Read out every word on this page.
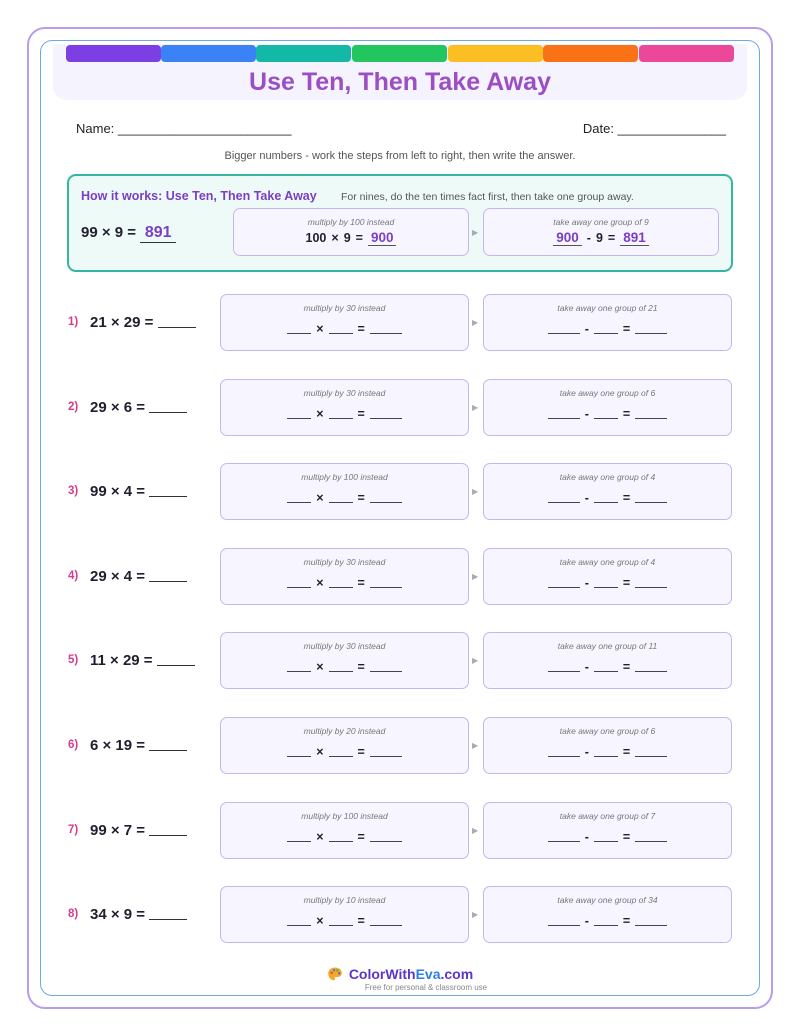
Use Ten, Then Take Away
Name: ________________________	Date: _______________
Bigger numbers - work the steps from left to right, then write the answer.
How it works: Use Ten, Then Take Away For nines, do the ten times fact first, then take one group away.
99 × 9 = 891
multiply by 100 instead
100 × 9 = 900	▶
take away one group of 9
900 - 9 = 891
1) 21 × 29 =
multiply by 30 instead
×	=	▶
take away one group of 21
-	=
2) 29 × 6 =
multiply by 30 instead
×	=	▶
take away one group of 6
-	=
3) 99 × 4 =
multiply by 100 instead
×	=	▶
take away one group of 4
-	=
4) 29 × 4 =
multiply by 30 instead
×	=	▶
take away one group of 4
-	=
5) 11 × 29 =
multiply by 30 instead
×	=	▶
take away one group of 11
-	=
6) 6 × 19 =
multiply by 20 instead
×	=	▶
take away one group of 6
-	=
7) 99 × 7 =
multiply by 100 instead
×	=	▶
take away one group of 7
-	=
8) 34 × 9 =
multiply by 10 instead
×	=	▶
take away one group of 34
-	=
ColorWithEva.com
Free for personal & classroom use
